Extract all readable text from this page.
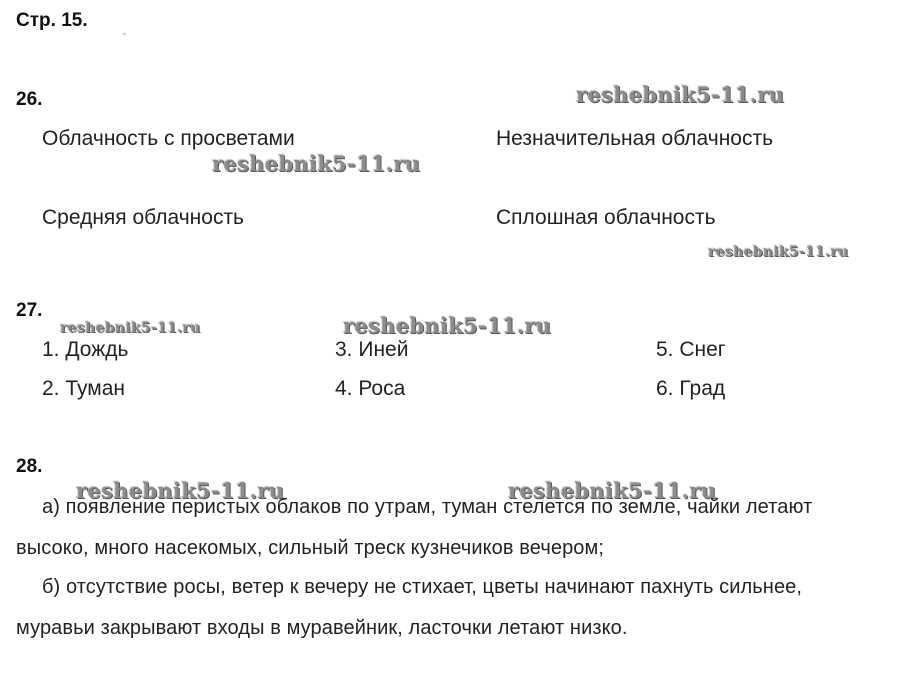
Стр. 15.
26.	reshebnik5-11.ru
Облачность с просветами	Незначительная облачность
reshebnik5-11.ru
Средняя облачность	Сплошная облачность
reshebnik5-11.ru
27.
reshebnik5-11.ru	reshebnik5-11.ru
1. Дождь	3. Иней	5. Снег
2. Туман	4. Роса	6. Град
28.
reshebnik5-11.ru	reshebnik5-11.ru
а) появление перистых облаков по утрам, туман стелется по земле, чайки летают
высоко, много насекомых, сильный треск кузнечиков вечером;
б) отсутствие росы, ветер к вечеру не стихает, цветы начинают пахнуть сильнее,
муравьи закрывают входы в муравейник, ласточки летают низко.
